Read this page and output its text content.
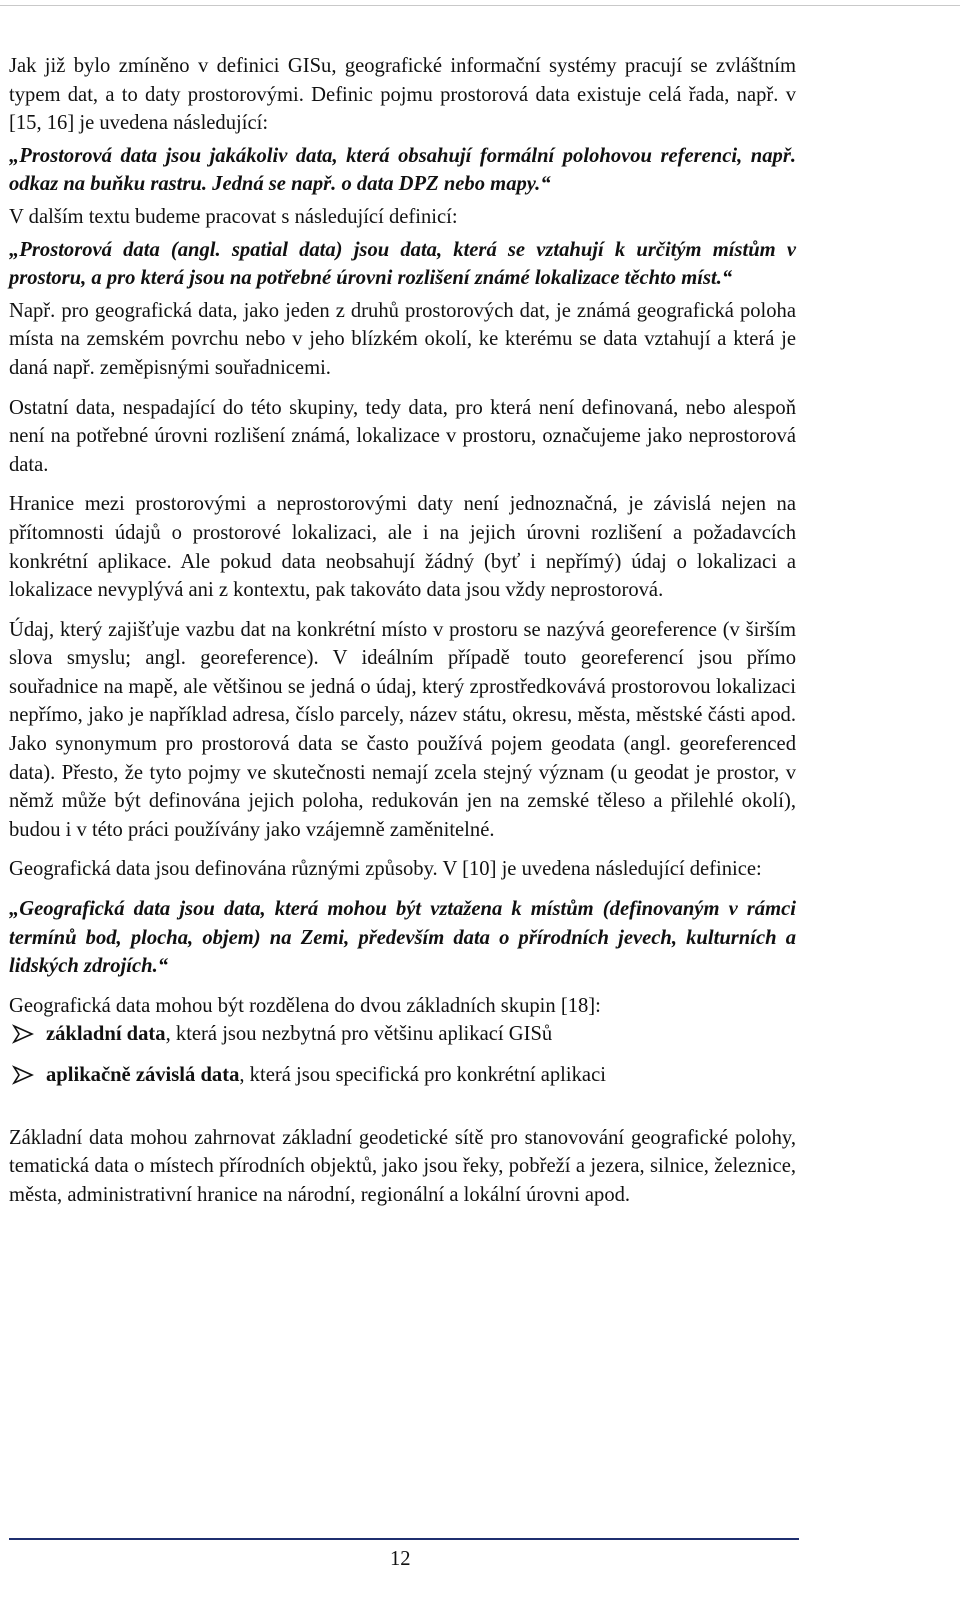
Jak již bylo zmíněno v definici GISu, geografické informační systémy pracují se zvláštním typem dat, a to daty prostorovými. Definic pojmu prostorová data existuje celá řada, např. v [15, 16] je uvedena následující:

„Prostorová data jsou jakákoliv data, která obsahují formální polohovou referenci, např. odkaz na buňku rastru. Jedná se např. o data DPZ nebo mapy.“

V dalším textu budeme pracovat s následující definicí:

„Prostorová data (angl. spatial data) jsou data, která se vztahují k určitým místům v prostoru, a pro která jsou na potřebné úrovni rozlišení známé lokalizace těchto míst.“

Např. pro geografická data, jako jeden z druhů prostorových dat, je známá geografická poloha místa na zemském povrchu nebo v jeho blízkém okolí, ke kterému se data vztahují a která je daná např. zeměpisnými souřadnicemi.

Ostatní data, nespadající do této skupiny, tedy data, pro která není definovaná, nebo alespoň není na potřebné úrovni rozlišení známá, lokalizace v prostoru, označujeme jako neprostorová data.

Hranice mezi prostorovými a neprostorovými daty není jednoznačná, je závislá nejen na přítomnosti údajů o prostorové lokalizaci, ale i na jejich úrovni rozlišení a požadavcích konkrétní aplikace. Ale pokud data neobsahují žádný (byť i nepřímý) údaj o lokalizaci a lokalizace nevyplývá ani z kontextu, pak takováto data jsou vždy neprostorová.

Údaj, který zajišťuje vazbu dat na konkrétní místo v prostoru se nazývá georeference (v širším slova smyslu; angl. georeference). V ideálním případě touto georeferencí jsou přímo souřadnice na mapě, ale většinou se jedná o údaj, který zprostředkovává prostorovou lokalizaci nepřímo, jako je například adresa, číslo parcely, název státu, okresu, města, městské části apod. Jako synonymum pro prostorová data se často používá pojem geodata (angl. georeferenced data). Přesto, že tyto pojmy ve skutečnosti nemají zcela stejný význam (u geodat je prostor, v němž může být definována jejich poloha, redukován jen na zemské těleso a přilehlé okolí), budou i v této práci používány jako vzájemně zaměnitelné.

Geografická data jsou definována různými způsoby. V [10] je uvedena následující definice:

„Geografická data jsou data, která mohou být vztažena k místům (definovaným v rámci termínů bod, plocha, objem) na Zemi, především data o přírodních jevech, kulturních a lidských zdrojích.“

Geografická data mohou být rozdělena do dvou základních skupin [18]:

základní data, která jsou nezbytná pro většinu aplikací GISů
aplikačně závislá data, která jsou specifická pro konkrétní aplikaci

Základní data mohou zahrnovat základní geodetické sítě pro stanovování geografické polohy, tematická data o místech přírodních objektů, jako jsou řeky, pobřeží a jezera, silnice, železnice, města, administrativní hranice na národní, regionální a lokální úrovni apod.

12
